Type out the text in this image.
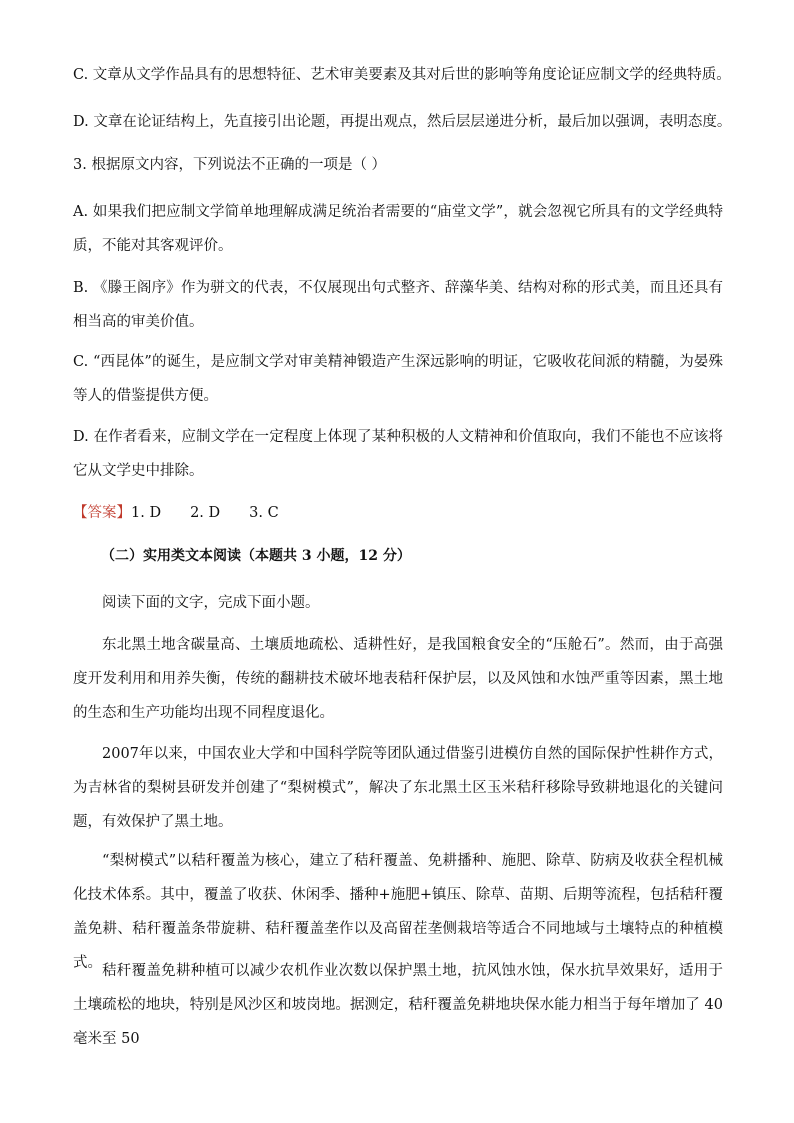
C. 文章从文学作品具有的思想特征、艺术审美要素及其对后世的影响等角度论证应制文学的经典特质。
D. 文章在论证结构上，先直接引出论题，再提出观点，然后层层递进分析，最后加以强调，表明态度。
3. 根据原文内容，下列说法不正确的一项是（ ）
A. 如果我们把应制文学简单地理解成满足统治者需要的“庙堂文学”，就会忽视它所具有的文学经典特质，不能对其客观评价。
B. 《滕王阁序》作为骈文的代表，不仅展现出句式整齐、辞藻华美、结构对称的形式美，而且还具有相当高的审美价值。
C. “西昆体”的诞生，是应制文学对审美精神锻造产生深远影响的明证，它吸收花间派的精髓，为晏殊等人的借鉴提供方便。
D. 在作者看来，应制文学在一定程度上体现了某种积极的人文精神和价值取向，我们不能也不应该将它从文学史中排除。
【答案】1. D　　2. D　　3. C
（二）实用类文本阅读（本题共 3 小题，12 分）
阅读下面的文字，完成下面小题。
东北黑土地含碳量高、土壤质地疏松、适耕性好，是我国粮食安全的“压舱石”。然而，由于高强度开发利用和用养失衡，传统的翻耕技术破坏地表秸秆保护层，以及风蚀和水蚀严重等因素，黑土地的生态和生产功能均出现不同程度退化。
2007年以来，中国农业大学和中国科学院等团队通过借鉴引进模仿自然的国际保护性耕作方式，为吉林省的梨树县研发并创建了“梨树模式”，解决了东北黑土区玉米秸秆移除导致耕地退化的关键问题，有效保护了黑土地。
“梨树模式”以秸秆覆盖为核心，建立了秸秆覆盖、免耕播种、施肥、除草、防病及收获全程机械化技术体系。其中，覆盖了收获、休闲季、播种+施肥+镇压、除草、苗期、后期等流程，包括秸秆覆盖免耕、秸秆覆盖条带旋耕、秸秆覆盖垄作以及高留茬垄侧栽培等适合不同地域与土壤特点的种植模式。 秸秆覆盖免耕种植可以减少农机作业次数以保护黑土地，抗风蚀水蚀，保水抗旱效果好，适用于土壤疏松的地块，特别是风沙区和坡岗地。据测定，秸秆覆盖免耕地块保水能力相当于每年增加了 40 毫米至 50
